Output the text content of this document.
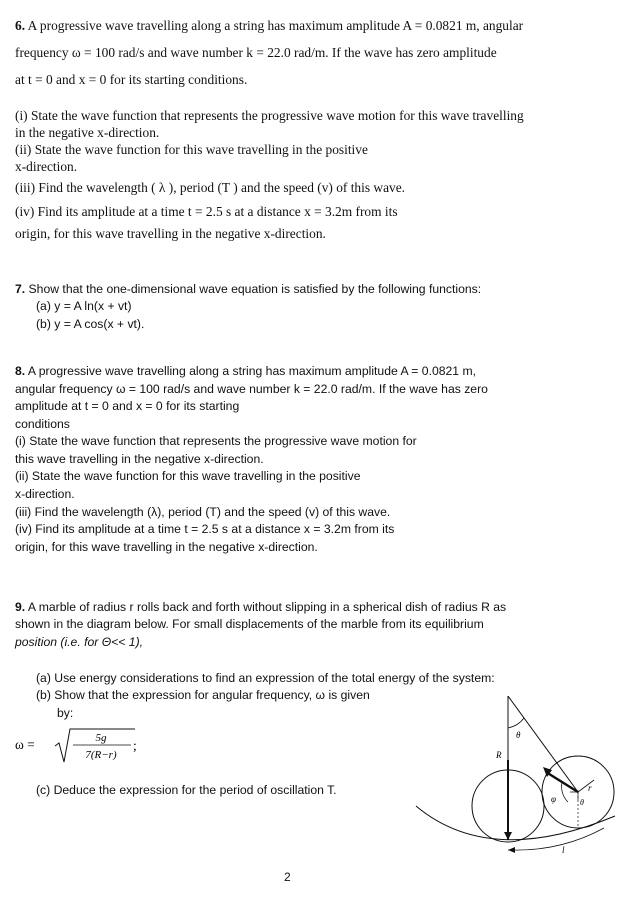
6. A progressive wave travelling along a string has maximum amplitude A = 0.0821 m, angular
frequency ω = 100 rad/s and wave number k = 22.0 rad/m. If the wave has zero amplitude
at t = 0 and x = 0 for its starting conditions.
(i) State the wave function that represents the progressive wave motion for this wave travelling
in the negative x-direction.
(ii) State the wave function for this wave travelling in the positive
x-direction.
(iii) Find the wavelength ( λ ), period (T ) and the speed (v) of this wave.
(iv) Find its amplitude at a time t = 2.5 s at a distance x = 3.2m from its
origin, for this wave travelling in the negative x-direction.
7. Show that the one-dimensional wave equation is satisfied by the following functions:
(a) y = A ln(x + vt)
(b) y = A cos(x + vt).
8. A progressive wave travelling along a string has maximum amplitude A = 0.0821 m,
angular frequency ω = 100 rad/s and wave number k = 22.0 rad/m. If the wave has zero
amplitude at t = 0 and x = 0 for its starting
conditions
(i) State the wave function that represents the progressive wave motion for
this wave travelling in the negative x-direction.
(ii) State the wave function for this wave travelling in the positive
x-direction.
(iii) Find the wavelength (λ), period (T) and the speed (v) of this wave.
(iv) Find its amplitude at a time t = 2.5 s at a distance x = 3.2m from its
origin, for this wave travelling in the negative x-direction.
9. A marble of radius r rolls back and forth without slipping in a spherical dish of radius R as
shown in the diagram below. For small displacements of the marble from its equilibrium
position (i.e. for Θ<< 1),
(a) Use energy considerations to find an expression of the total energy of the system:
(b) Show that the expression for angular frequency, ω is given
by:
(c) Deduce the expression for the period of oscillation T.
ω =	5g
7(R−r)
;
θ
R
φ	θ
r
l
2
